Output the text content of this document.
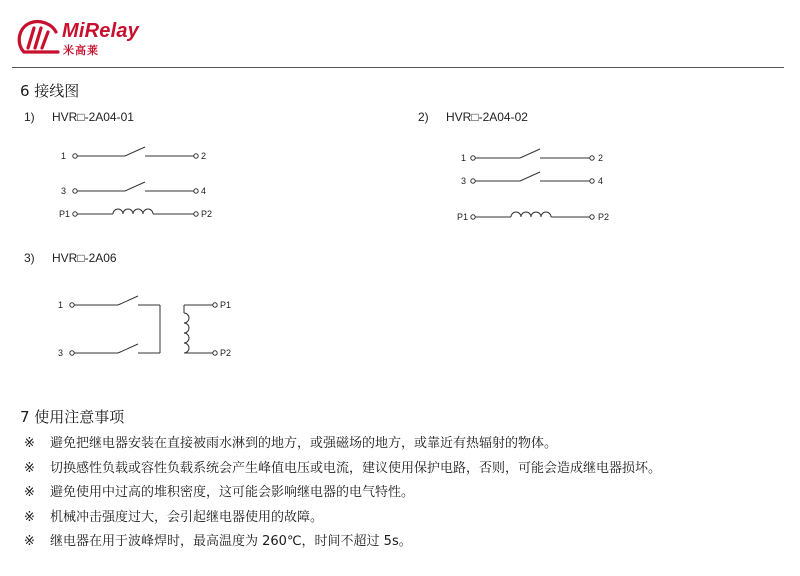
MiRelay
米高莱
6 接线图
1) HVR□-2A04-01	2) HVR□-2A04-02
3) HVR□-2A06
1	2
3	4
P1	P2
1	2
3	4
P1	P2
1
3
P1
P2
7 使用注意事项
※ 避免把继电器安装在直接被雨水淋到的地方，或强磁场的地方，或靠近有热辐射的物体。
※ 切换感性负载或容性负载系统会产生峰值电压或电流，建议使用保护电路，否则，可能会造成继电器损坏。
※ 避免使用中过高的堆积密度，这可能会影响继电器的电气特性。
※ 机械冲击强度过大，会引起继电器使用的故障。
※ 继电器在用于波峰焊时，最高温度为 260℃，时间不超过 5s。
